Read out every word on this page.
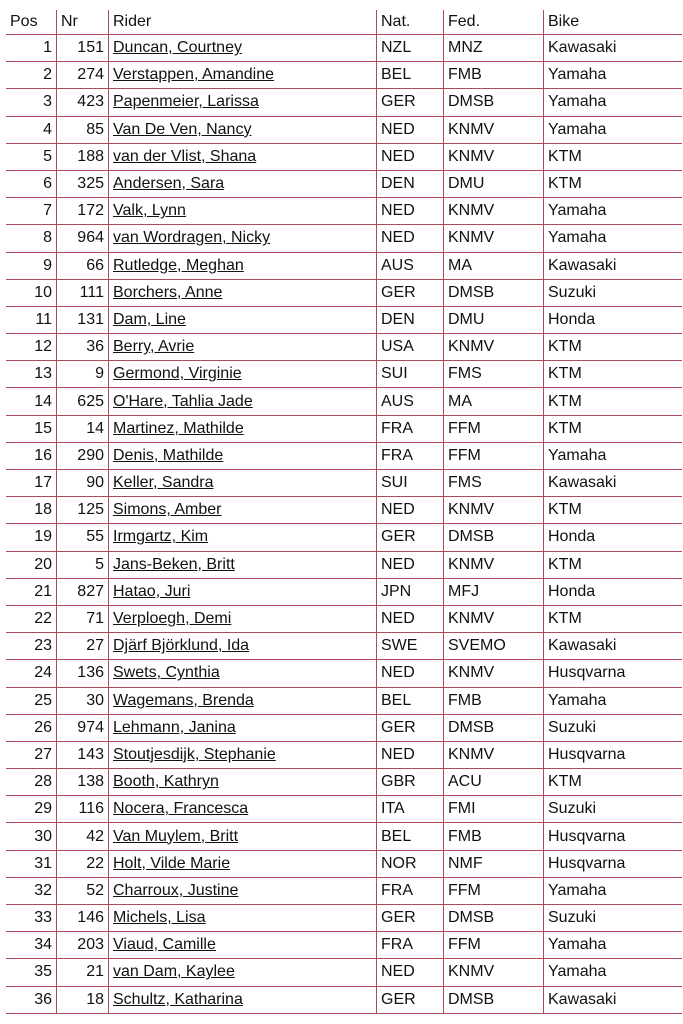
Pos	Nr	Rider	Nat.	Fed.	Bike
1	151	Duncan, Courtney	NZL	MNZ	Kawasaki
2	274	Verstappen, Amandine	BEL	FMB	Yamaha
3	423	Papenmeier, Larissa	GER	DMSB	Yamaha
4	85	Van De Ven, Nancy	NED	KNMV	Yamaha
5	188	van der Vlist, Shana	NED	KNMV	KTM
6	325	Andersen, Sara	DEN	DMU	KTM
7	172	Valk, Lynn	NED	KNMV	Yamaha
8	964	van Wordragen, Nicky	NED	KNMV	Yamaha
9	66	Rutledge, Meghan	AUS	MA	Kawasaki
10	111	Borchers, Anne	GER	DMSB	Suzuki
11	131	Dam, Line	DEN	DMU	Honda
12	36	Berry, Avrie	USA	KNMV	KTM
13	9	Germond, Virginie	SUI	FMS	KTM
14	625	O'Hare, Tahlia Jade	AUS	MA	KTM
15	14	Martinez, Mathilde	FRA	FFM	KTM
16	290	Denis, Mathilde	FRA	FFM	Yamaha
17	90	Keller, Sandra	SUI	FMS	Kawasaki
18	125	Simons, Amber	NED	KNMV	KTM
19	55	Irmgartz, Kim	GER	DMSB	Honda
20	5	Jans-Beken, Britt	NED	KNMV	KTM
21	827	Hatao, Juri	JPN	MFJ	Honda
22	71	Verploegh, Demi	NED	KNMV	KTM
23	27	Djärf Björklund, Ida	SWE	SVEMO	Kawasaki
24	136	Swets, Cynthia	NED	KNMV	Husqvarna
25	30	Wagemans, Brenda	BEL	FMB	Yamaha
26	974	Lehmann, Janina	GER	DMSB	Suzuki
27	143	Stoutjesdijk, Stephanie	NED	KNMV	Husqvarna
28	138	Booth, Kathryn	GBR	ACU	KTM
29	116	Nocera, Francesca	ITA	FMI	Suzuki
30	42	Van Muylem, Britt	BEL	FMB	Husqvarna
31	22	Holt, Vilde Marie	NOR	NMF	Husqvarna
32	52	Charroux, Justine	FRA	FFM	Yamaha
33	146	Michels, Lisa	GER	DMSB	Suzuki
34	203	Viaud, Camille	FRA	FFM	Yamaha
35	21	van Dam, Kaylee	NED	KNMV	Yamaha
36	18	Schultz, Katharina	GER	DMSB	Kawasaki
